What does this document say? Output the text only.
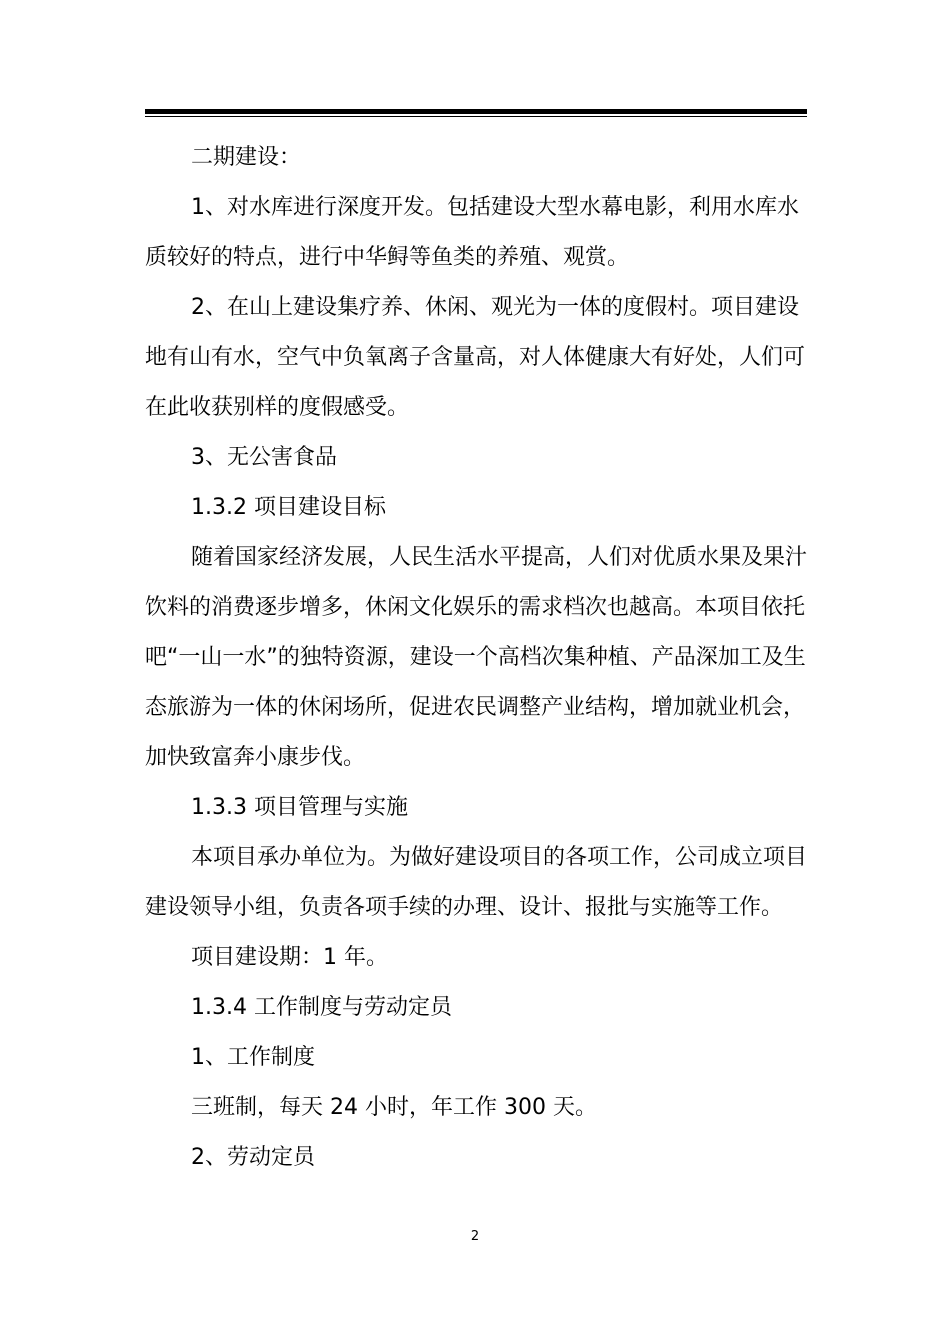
二期建设：

1、对水库进行深度开发。包括建设大型水幕电影，利用水库水质较好的特点，进行中华鲟等鱼类的养殖、观赏。

2、在山上建设集疗养、休闲、观光为一体的度假村。项目建设地有山有水，空气中负氧离子含量高，对人体健康大有好处，人们可在此收获别样的度假感受。

3、无公害食品

1.3.2 项目建设目标

随着国家经济发展，人民生活水平提高，人们对优质水果及果汁饮料的消费逐步增多，休闲文化娱乐的需求档次也越高。本项目依托吧“一山一水”的独特资源，建设一个高档次集种植、产品深加工及生态旅游为一体的休闲场所，促进农民调整产业结构，增加就业机会，加快致富奔小康步伐。

1.3.3 项目管理与实施

本项目承办单位为。为做好建设项目的各项工作，公司成立项目建设领导小组，负责各项手续的办理、设计、报批与实施等工作。

项目建设期：1 年。

1.3.4 工作制度与劳动定员

1、工作制度

三班制，每天 24 小时，年工作 300 天。

2、劳动定员

2
